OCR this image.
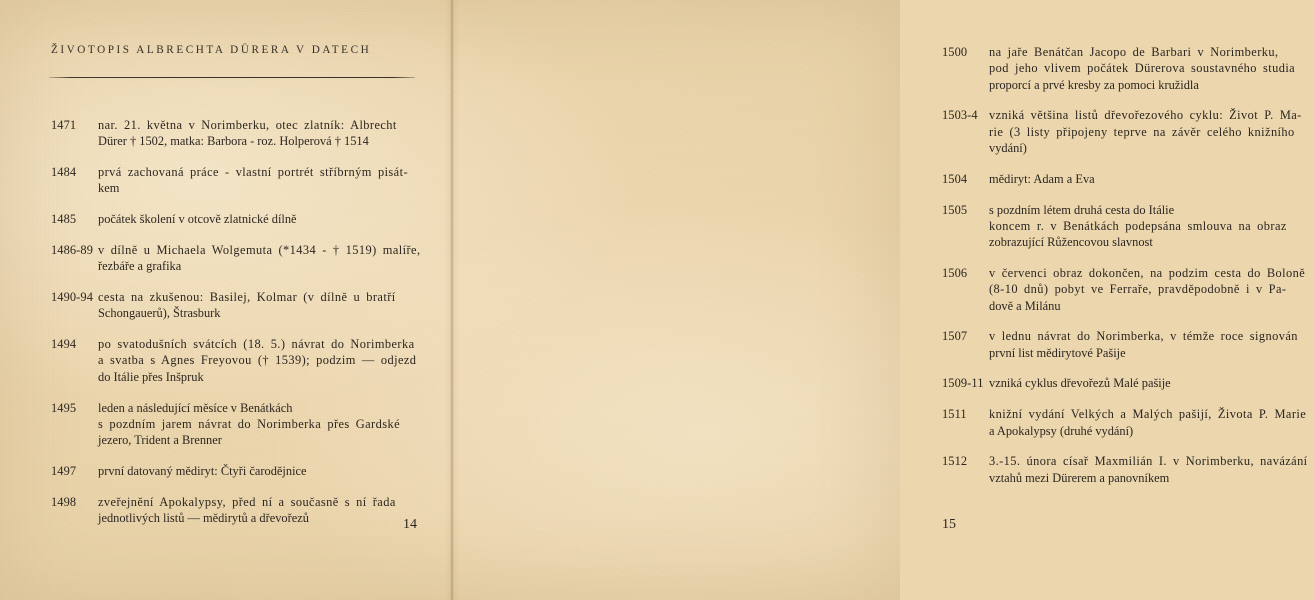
ŽIVOTOPIS ALBRECHTA DÜRERA V DATECH
1471	nar. 21. května v Norimberku, otec zlatník: Albrecht
Dürer † 1502, matka: Barbora - roz. Holperová † 1514
1484	prvá zachovaná práce - vlastní portrét stříbrným pisát-
kem
1485	počátek školení v otcově zlatnické dílně
1486-89 v dílně u Michaela Wolgemuta (*1434 - † 1519) malíře,
řezbáře a grafika
1490-94 cesta na zkušenou: Basilej, Kolmar (v dílně u bratří
Schongauerů), Štrasburk
1494	po svatodušních svátcích (18. 5.) návrat do Norimberka
a svatba s Agnes Freyovou († 1539); podzim — odjezd
do Itálie přes Inšpruk
1495	leden a následující měsíce v Benátkách
s pozdním jarem návrat do Norimberka přes Gardské
jezero, Trident a Brenner
1497	první datovaný mědiryt: Čtyři čarodějnice
1498	zveřejnění Apokalypsy, před ní a současně s ní řada
jednotlivých listů — mědirytů a dřevořezů	14
1500	na jaře Benátčan Jacopo de Barbari v Norimberku,
pod jeho vlivem počátek Dürerova soustavného studia
proporcí a prvé kresby za pomoci kružidla
1503-4 vzniká většina listů dřevořezového cyklu: Život P. Ma-
rie (3 listy připojeny teprve na závěr celého knižního
vydání)
1504	mědiryt: Adam a Eva
1505	s pozdním létem druhá cesta do Itálie
koncem r. v Benátkách podepsána smlouva na obraz
zobrazující Růžencovou slavnost
1506	v červenci obraz dokončen, na podzim cesta do Boloně
(8-10 dnů) pobyt ve Ferraře, pravděpodobně i v Pa-
dově a Milánu
1507	v lednu návrat do Norimberka, v témže roce signován
první list mědirytové Pašije
1509-11 vzniká cyklus dřevořezů Malé pašije
1511	knižní vydání Velkých a Malých pašijí, Života P. Marie
a Apokalypsy (druhé vydání)
1512	3.-15. února císař Maxmilián I. v Norimberku, navázání
vztahů mezi Dürerem a panovníkem
15
